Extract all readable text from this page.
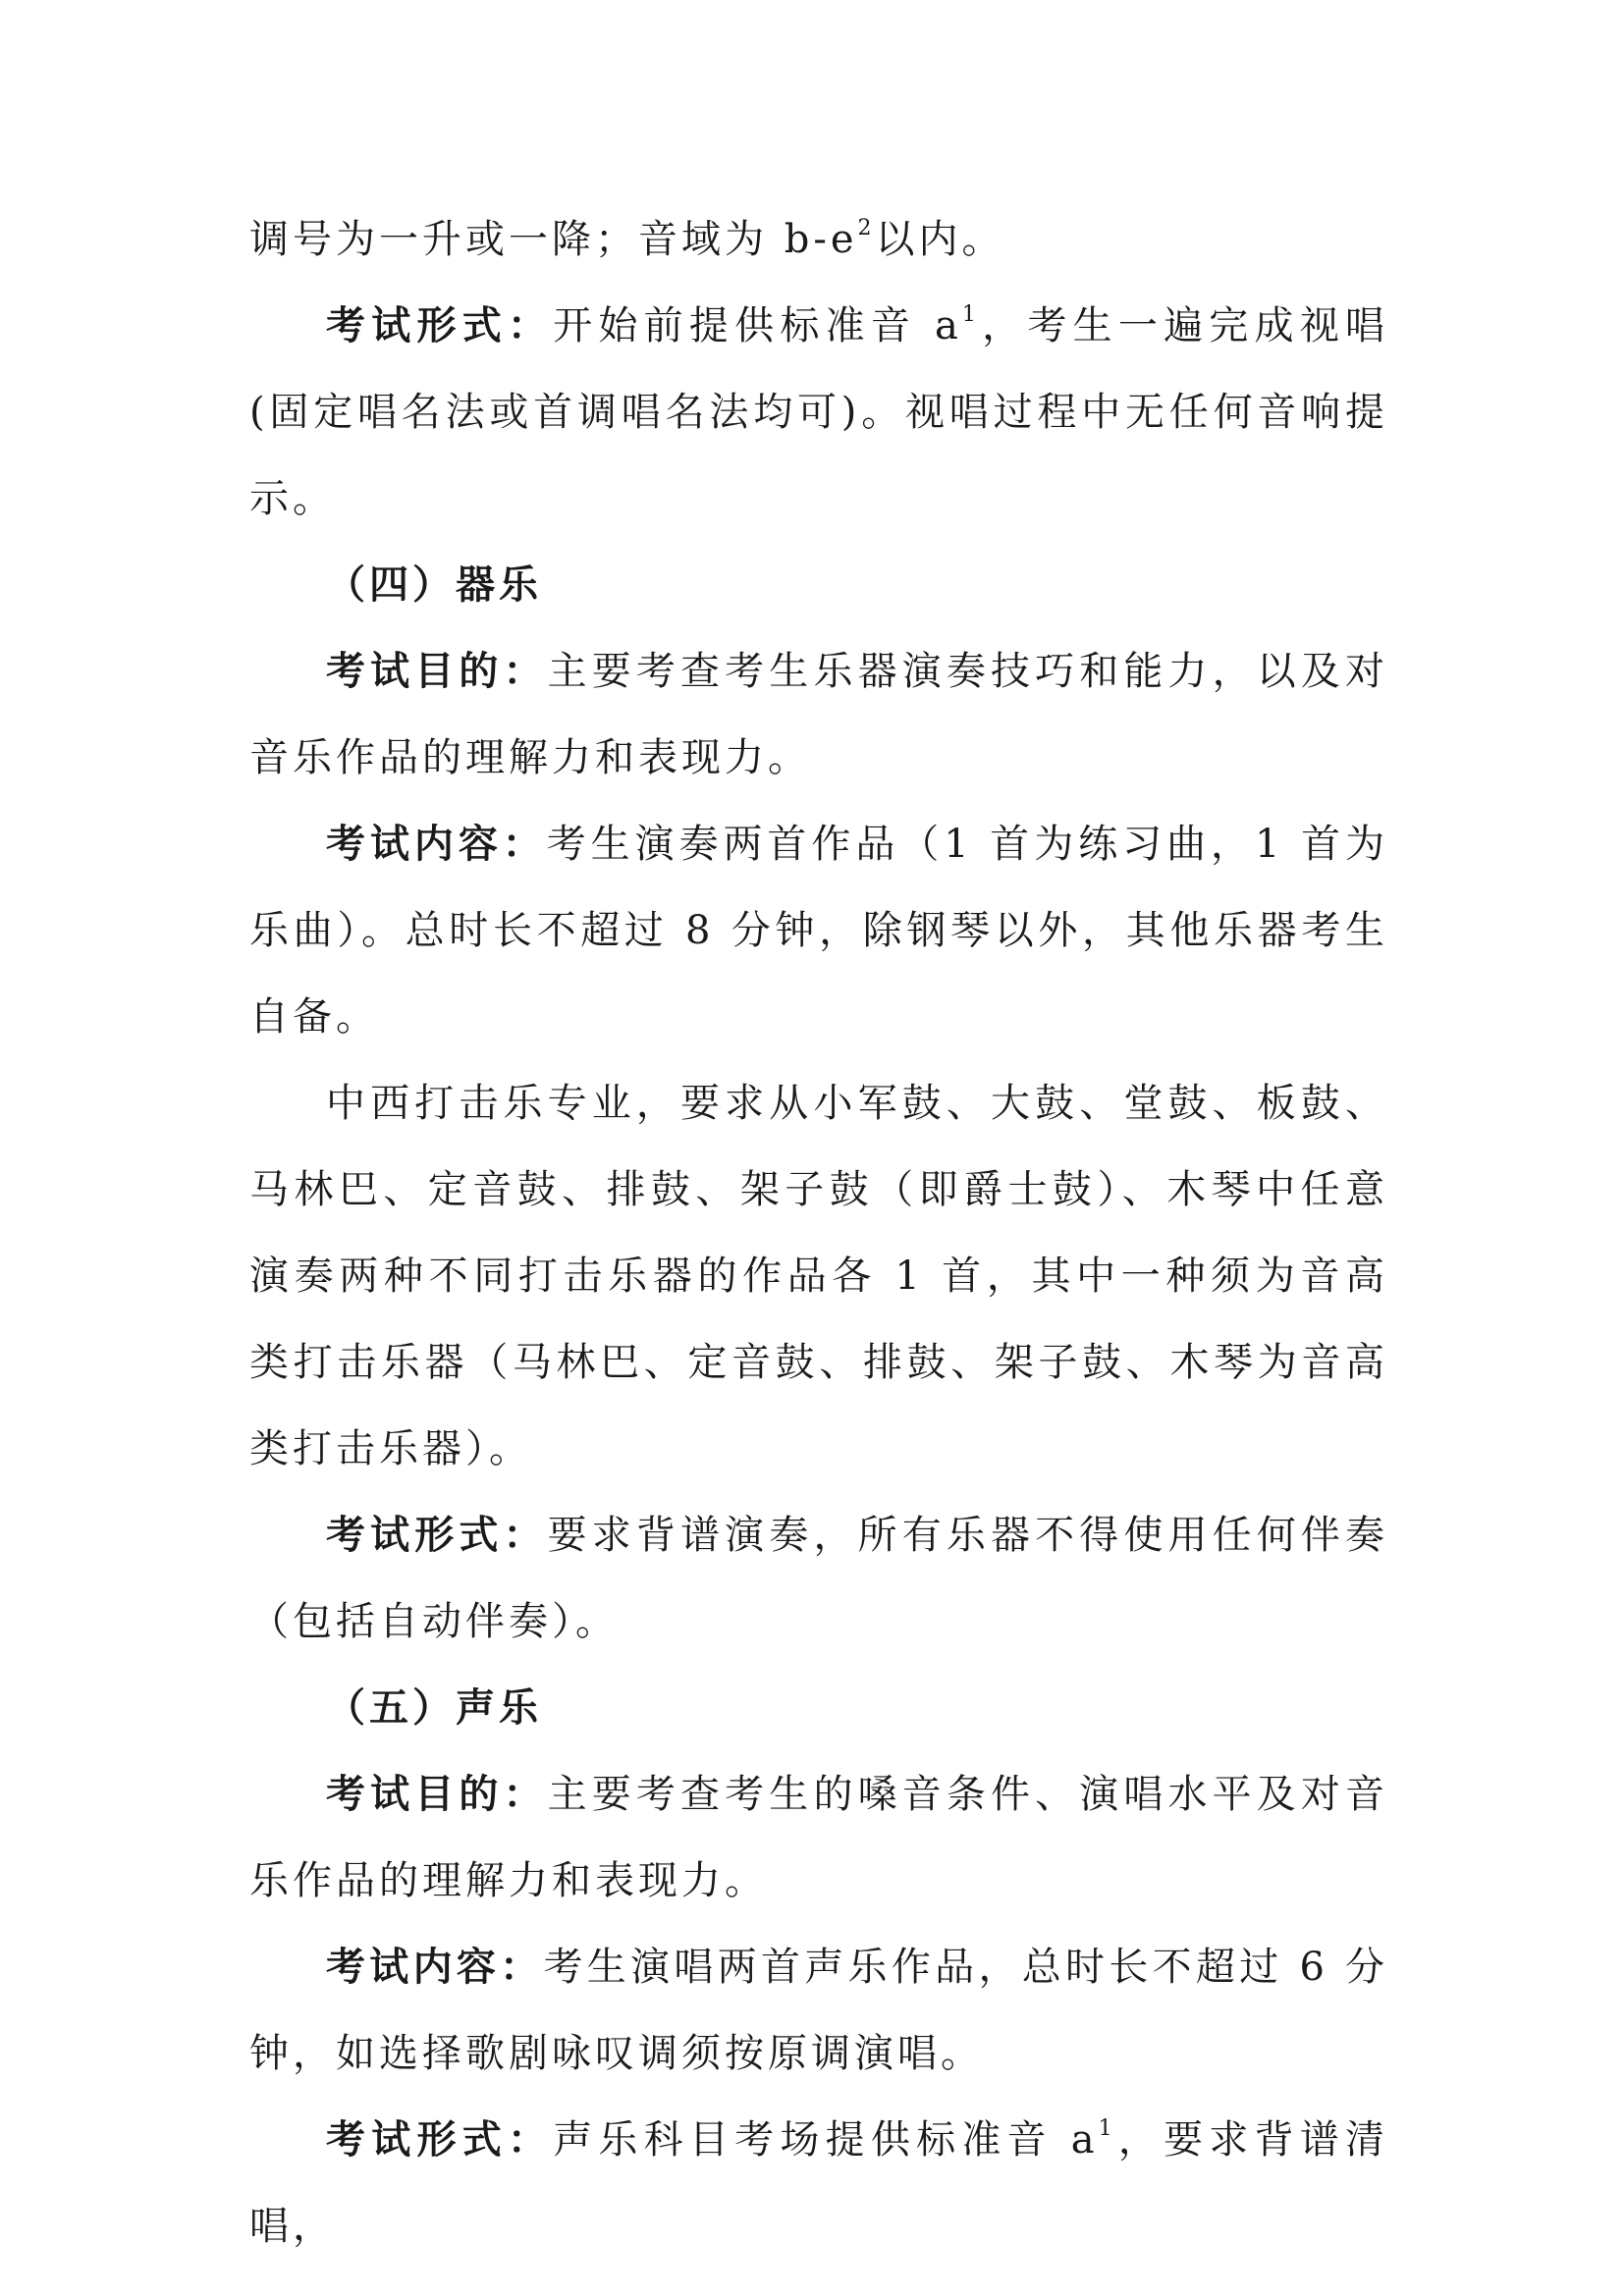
调号为一升或一降；音域为 $b-e^2$以内。

考试形式：开始前提供标准音 $a^1$，考生一遍完成视唱(固定唱名法或首调唱名法均可)。视唱过程中无任何音响提示。

（四）器乐

考试目的：主要考查考生乐器演奏技巧和能力，以及对音乐作品的理解力和表现力。

考试内容：考生演奏两首作品（1 首为练习曲，1 首为乐曲）。总时长不超过 8 分钟，除钢琴以外，其他乐器考生自备。

中西打击乐专业，要求从小军鼓、大鼓、堂鼓、板鼓、马林巴、定音鼓、排鼓、架子鼓（即爵士鼓）、木琴中任意演奏两种不同打击乐器的作品各 1 首，其中一种须为音高类打击乐器（马林巴、定音鼓、排鼓、架子鼓、木琴为音高类打击乐器）。

考试形式：要求背谱演奏，所有乐器不得使用任何伴奏（包括自动伴奏）。

（五）声乐

考试目的：主要考查考生的嗓音条件、演唱水平及对音乐作品的理解力和表现力。

考试内容：考生演唱两首声乐作品，总时长不超过 6 分钟，如选择歌剧咏叹调须按原调演唱。

考试形式：声乐科目考场提供标准音 $a^1$，要求背谱清唱，
